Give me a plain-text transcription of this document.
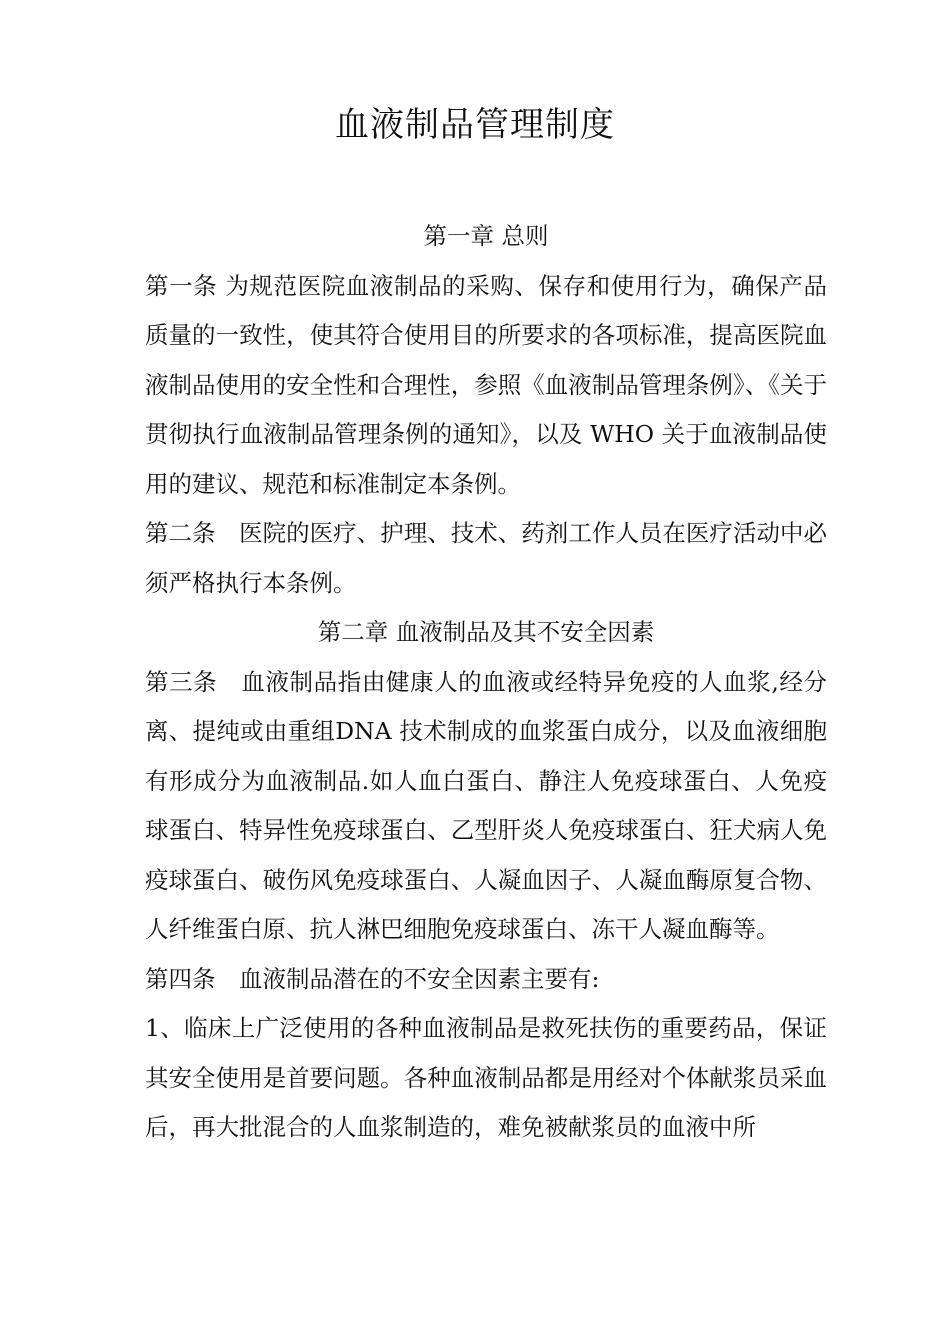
血液制品管理制度

第一章 总则

第一条 为规范医院血液制品的采购、保存和使用行为，确保产品质量的一致性，使其符合使用目的所要求的各项标准，提高医院血液制品使用的安全性和合理性，参照《血液制品管理条例》、《关于贯彻执行血液制品管理条例的通知》，以及 WHO 关于血液制品使用的建议、规范和标准制定本条例。

第二条 医院的医疗、护理、技术、药剂工作人员在医疗活动中必须严格执行本条例。

第二章 血液制品及其不安全因素

第三条 血液制品指由健康人的血液或经特异免疫的人血浆,经分离、提纯或由重组DNA 技术制成的血浆蛋白成分，以及血液细胞有形成分为血液制品.如人血白蛋白、静注人免疫球蛋白、人免疫球蛋白、特异性免疫球蛋白、乙型肝炎人免疫球蛋白、狂犬病人免疫球蛋白、破伤风免疫球蛋白、人凝血因子、人凝血酶原复合物、人纤维蛋白原、抗人淋巴细胞免疫球蛋白、冻干人凝血酶等。

第四条 血液制品潜在的不安全因素主要有:

1、临床上广泛使用的各种血液制品是救死扶伤的重要药品，保证其安全使用是首要问题。各种血液制品都是用经对个体献浆员采血后，再大批混合的人血浆制造的，难免被献浆员的血液中所
